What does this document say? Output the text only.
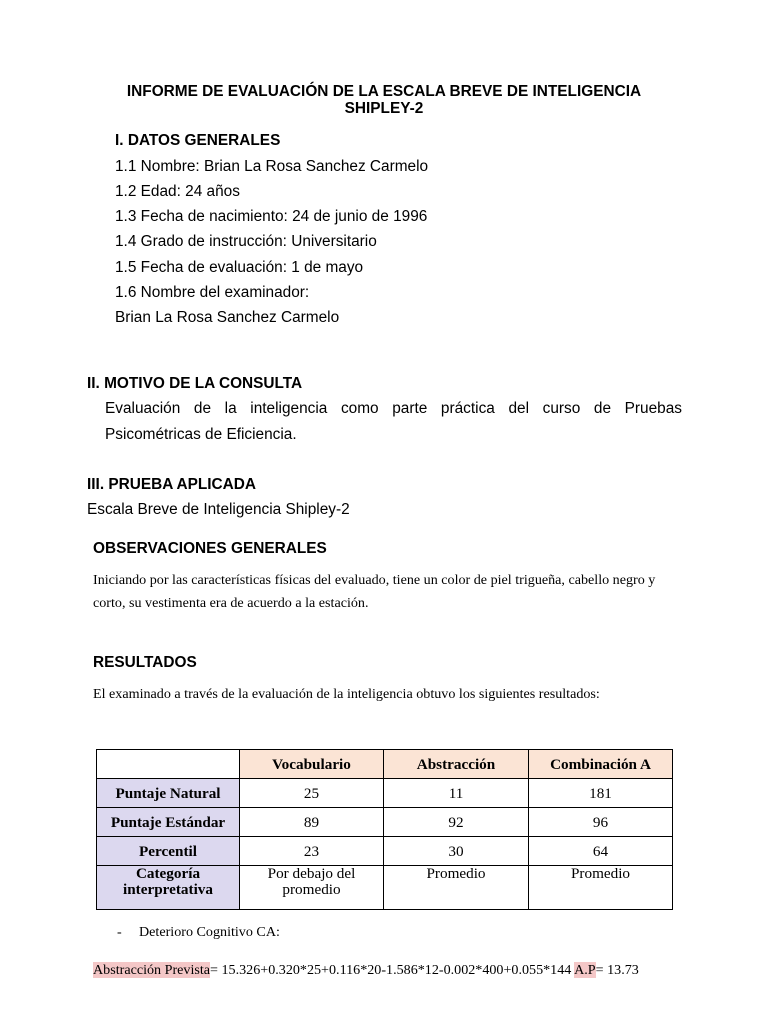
INFORME DE EVALUACIÓN DE LA ESCALA BREVE DE INTELIGENCIA SHIPLEY-2
I. DATOS GENERALES
1.1 Nombre: Brian La Rosa Sanchez Carmelo
1.2 Edad: 24 años
1.3 Fecha de nacimiento: 24 de junio de 1996
1.4 Grado de instrucción: Universitario
1.5 Fecha de evaluación: 1 de mayo
1.6 Nombre del examinador:
Brian La Rosa Sanchez Carmelo
II. MOTIVO DE LA CONSULTA
Evaluación de la inteligencia como parte práctica del curso de Pruebas Psicométricas de Eficiencia.
III. PRUEBA APLICADA
Escala Breve de Inteligencia Shipley-2
OBSERVACIONES GENERALES
Iniciando por las características físicas del evaluado, tiene un color de piel trigueña, cabello negro y corto, su vestimenta era de acuerdo a la estación.
RESULTADOS
El examinado a través de la evaluación de la inteligencia obtuvo los siguientes resultados:
	Vocabulario	Abstracción	Combinación A
Puntaje Natural	25	11	181
Puntaje Estándar	89	92	96
Percentil	23	30	64
Categoría interpretativa	Por debajo del promedio	Promedio	Promedio
- Deterioro Cognitivo CA:
Abstracción Prevista= 15.326+0.320*25+0.116*20-1.586*12-0.002*400+0.055*144 A.P= 13.73
